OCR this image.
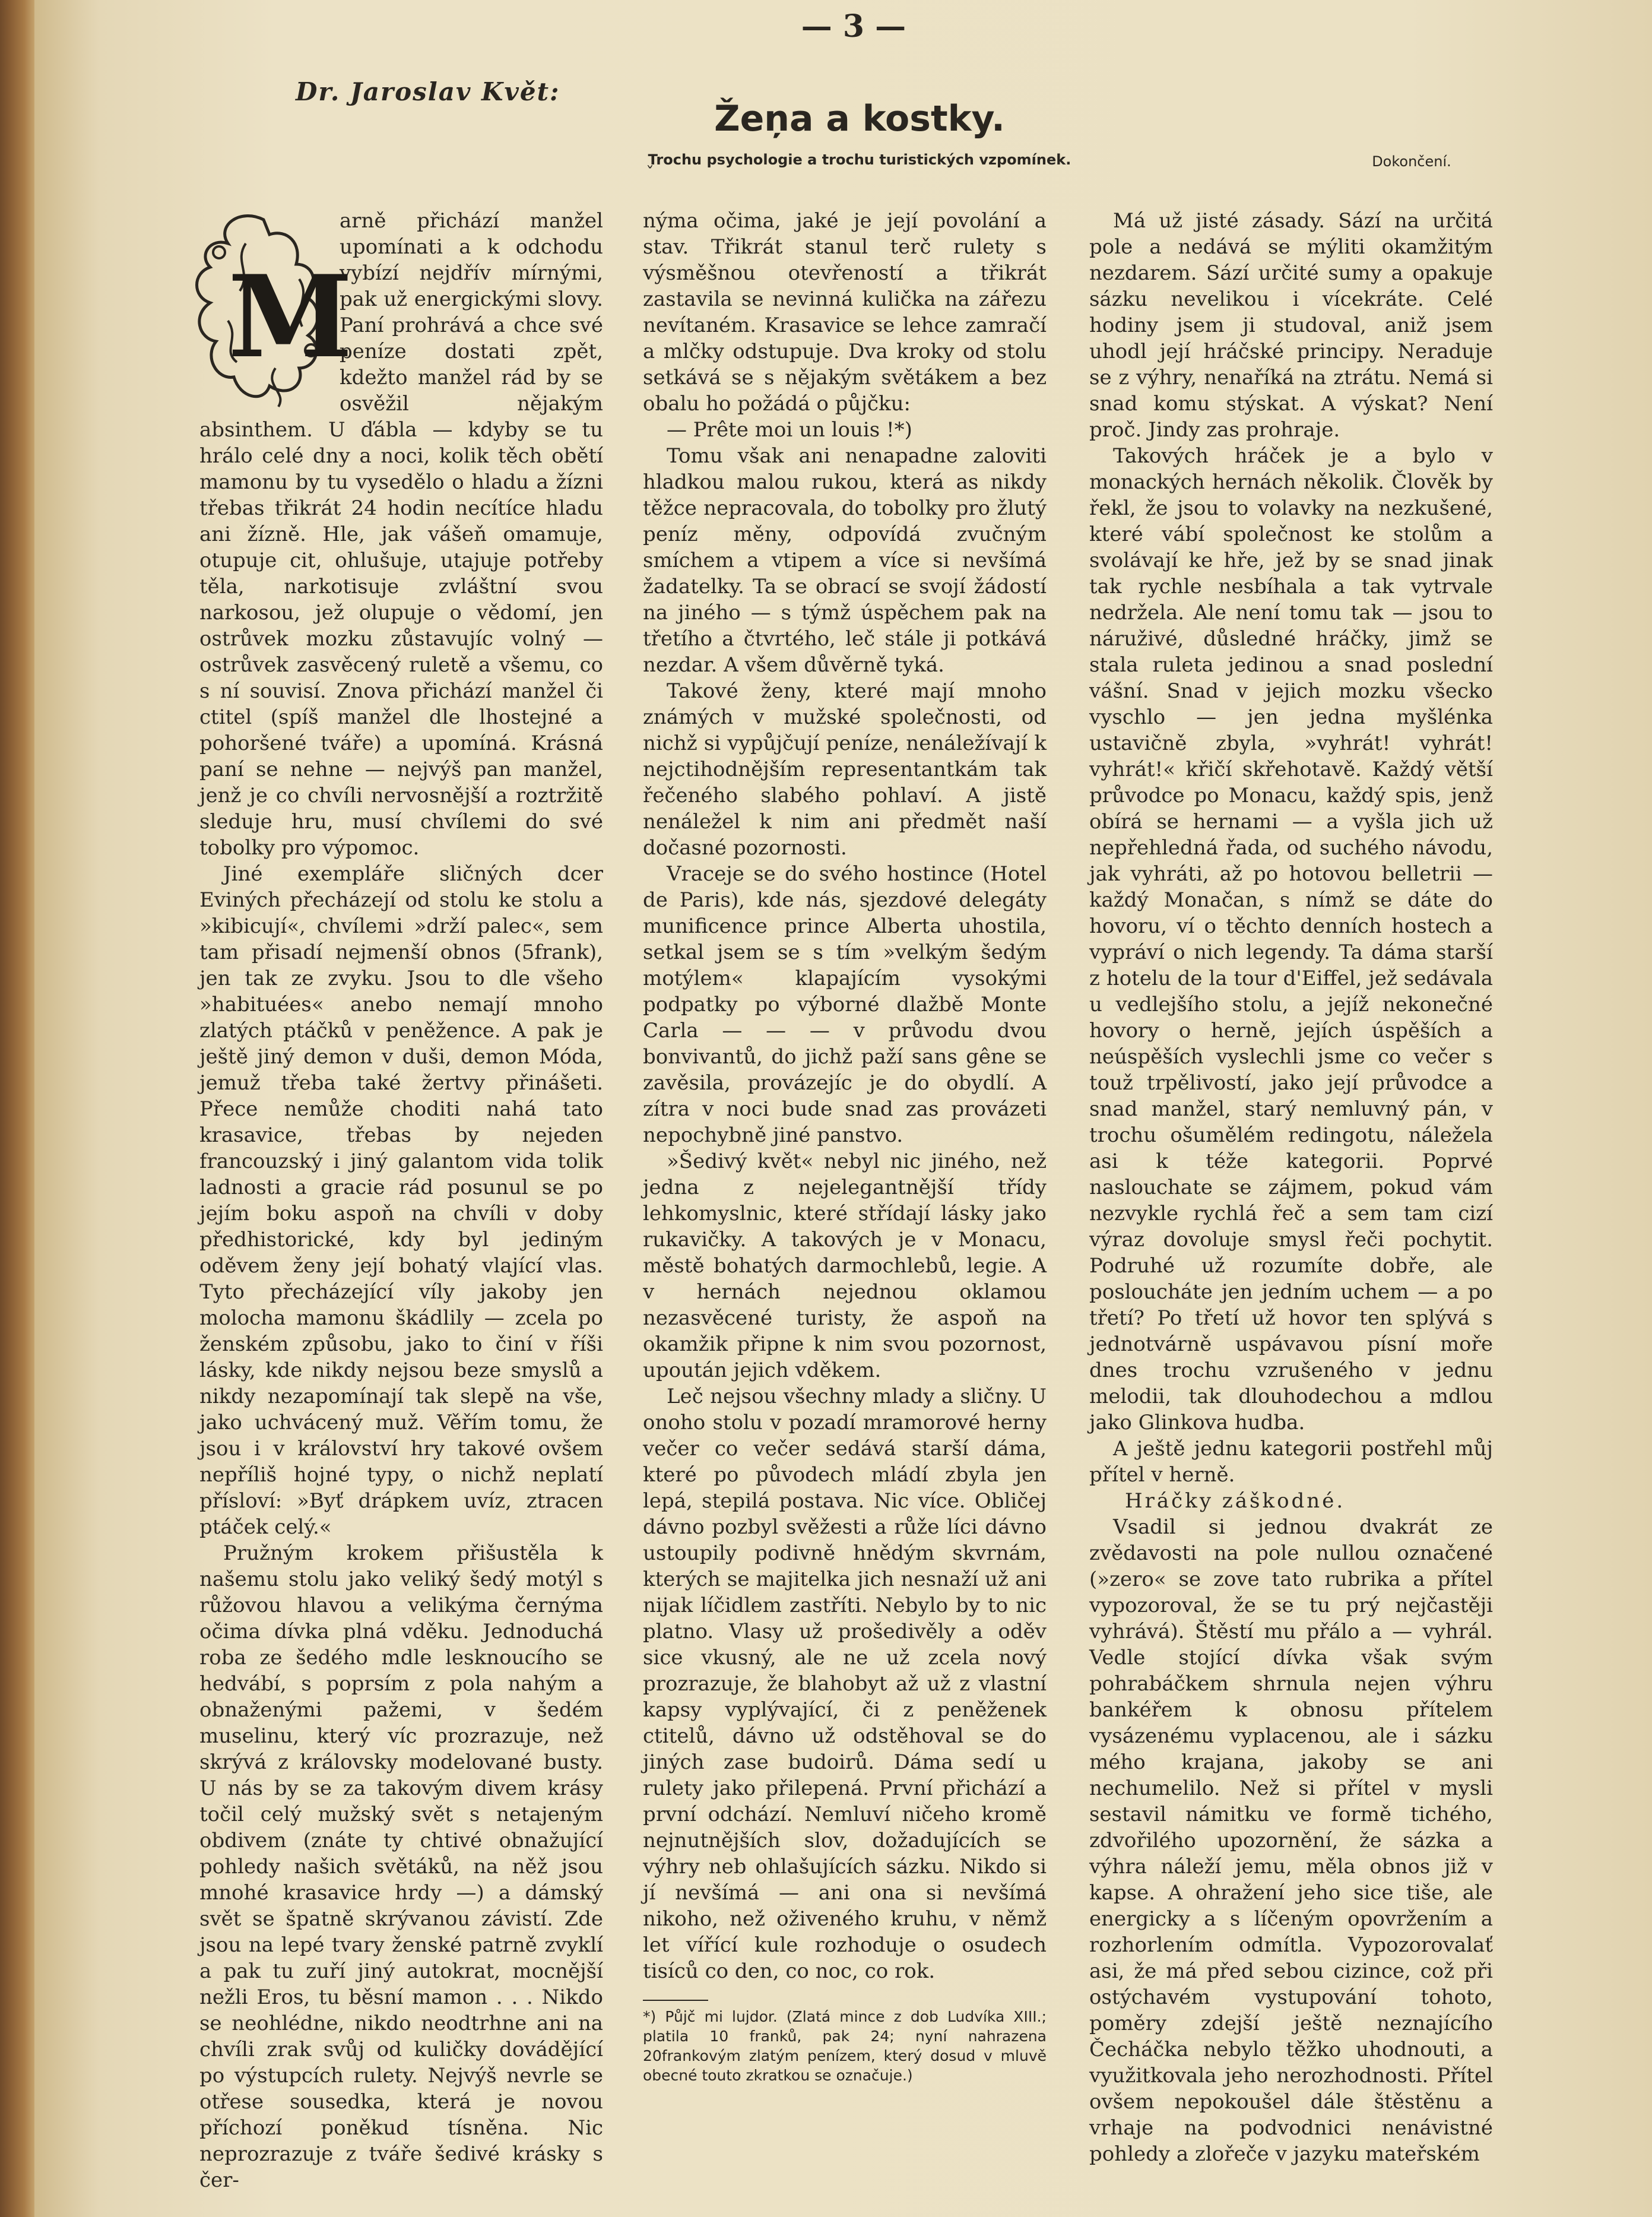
— 3 —
Dr. Jaroslav Květ:
Žeņa a kostky.
Trochu psychologie a trochu turistických vzpomínek.
ˇ
Dokončení.
M

arně přichází manžel upomínati a k odchodu vybízí nejdřív mírnými, pak už energickými slovy. Paní prohrává a chce své peníze dostati zpět, kdežto manžel rád by se osvěžil nějakým absinthem. U ďábla — kdyby se tu hrálo celé dny a noci, kolik těch obětí mamonu by tu vysedělo o hladu a žízni třebas třikrát 24 hodin necítíce hladu ani žízně. Hle, jak vášeň omamuje, otupuje cit, ohlušuje, utajuje potřeby těla, narkotisuje zvláštní svou narkosou, jež olupuje o vědomí, jen ostrůvek mozku zůstavujíc volný — ostrůvek zasvěcený ruletě a všemu, co s ní souvisí. Znova přichází manžel či ctitel (spíš manžel dle lhostejné a pohoršené tváře) a upomíná. Krásná paní se nehne — nejvýš pan manžel, jenž je co chvíli nervosnější a roztržitě sleduje hru, musí chvílemi do své tobolky pro výpomoc.

Jiné exempláře sličných dcer Eviných přecházejí od stolu ke stolu a »kibicují«, chvílemi »drží palec«, sem tam přisadí nejmenší obnos (5frank), jen tak ze zvyku. Jsou to dle všeho »habituées« anebo nemají mnoho zlatých ptáčků v peněžence. A pak je ještě jiný demon v duši, demon Móda, jemuž třeba také žertvy přinášeti. Přece nemůže choditi nahá tato krasavice, třebas by nejeden francouzský i jiný galantom vida tolik ladnosti a gracie rád posunul se po jejím boku aspoň na chvíli v doby předhistorické, kdy byl jediným oděvem ženy její bohatý vlající vlas. Tyto přecházející víly jakoby jen molocha mamonu škádlily — zcela po ženském způsobu, jako to činí v říši lásky, kde nikdy nejsou beze smyslů a nikdy nezapomínají tak slepě na vše, jako uchvácený muž. Věřím tomu, že jsou i v království hry takové ovšem nepříliš hojné typy, o nichž neplatí přísloví: »Byť drápkem uvíz, ztracen ptáček celý.«

Pružným krokem přišustěla k našemu stolu jako veliký šedý motýl s růžovou hlavou a velikýma černýma očima dívka plná vděku. Jednoduchá roba ze šedého mdle lesknoucího se hedvábí, s poprsím z pola nahým a obnaženými pažemi, v šedém muselinu, který víc prozrazuje, než skrývá z královsky modelované busty. U nás by se za takovým divem krásy točil celý mužský svět s netajeným obdivem (znáte ty chtivé obnažující pohledy našich světáků, na něž jsou mnohé krasavice hrdy —) a dámský svět se špatně skrývanou závistí. Zde jsou na lepé tvary ženské patrně zvyklí a pak tu zuří jiný autokrat, mocnější nežli Eros, tu běsní mamon . . . Nikdo se neohlédne, nikdo neodtrhne ani na chvíli zrak svůj od kuličky dovádějící po výstupcích rulety. Nejvýš nevrle se otřese sousedka, která je novou příchozí poněkud tísněna. Nic neprozrazuje z tváře šedivé krásky s čer-

nýma očima, jaké je její povolání a stav. Třikrát stanul terč rulety s výsměšnou otevřeností a třikrát zastavila se nevinná kulička na zářezu nevítaném. Krasavice se lehce zamračí a mlčky odstupuje. Dva kroky od stolu setkává se s nějakým světákem a bez obalu ho požádá o půjčku:

— Prête moi un louis !*)

Tomu však ani nenapadne zaloviti hladkou malou rukou, která as nikdy těžce nepracovala, do tobolky pro žlutý peníz měny, odpovídá zvučným smíchem a vtipem a více si nevšímá žadatelky. Ta se obrací se svojí žádostí na jiného — s týmž úspěchem pak na třetího a čtvrtého, leč stále ji potkává nezdar. A všem důvěrně tyká.

Takové ženy, které mají mnoho známých v mužské společnosti, od nichž si vypůjčují peníze, nenáležívají k nejctihodnějším representantkám tak řečeného slabého pohlaví. A jistě nenáležel k nim ani předmět naší dočasné pozornosti.

Vraceje se do svého hostince (Hotel de Paris), kde nás, sjezdové delegáty munificence prince Alberta uhostila, setkal jsem se s tím »velkým šedým motýlem« klapajícím vysokými podpatky po výborné dlažbě Monte Carla — — — v průvodu dvou bonvivantů, do jichž paží sans gêne se zavěsila, provázejíc je do obydlí. A zítra v noci bude snad zas provázeti nepochybně jiné panstvo.

»Šedivý květ« nebyl nic jiného, než jedna z nejelegantnější třídy lehkomyslnic, které střídají lásky jako rukavičky. A takových je v Monacu, městě bohatých darmochlebů, legie. A v hernách nejednou oklamou nezasvěcené turisty, že aspoň na okamžik připne k nim svou pozornost, upoután jejich vděkem.

Leč nejsou všechny mlady a sličny. U onoho stolu v pozadí mramorové herny večer co večer sedává starší dáma, které po původech mládí zbyla jen lepá, stepilá postava. Nic více. Obličej dávno pozbyl svěžesti a růže líci dávno ustoupily podivně hnědým skvrnám, kterých se majitelka jich nesnaží už ani nijak líčidlem zastříti. Nebylo by to nic platno. Vlasy už prošedivěly a oděv sice vkusný, ale ne už zcela nový prozrazuje, že blahobyt až už z vlastní kapsy vyplývající, či z peněženek ctitelů, dávno už odstěhoval se do jiných zase budoirů. Dáma sedí u rulety jako přilepená. První přichází a první odchází. Nemluví ničeho kromě nejnutnějších slov, dožadujících se výhry neb ohlašujících sázku. Nikdo si jí nevšímá — ani ona si nevšímá nikoho, než oživeného kruhu, v němž let vířící kule rozhoduje o osudech tisíců co den, co noc, co rok.

*) Půjč mi lujdor. (Zlatá mince z dob Ludvíka XIII.; platila 10 franků, pak 24; nyní nahrazena 20frankovým zlatým penízem, který dosud v mluvě obecné touto zkratkou se označuje.)

Má už jisté zásady. Sází na určitá pole a nedává se mýliti okamžitým nezdarem. Sází určité sumy a opakuje sázku nevelikou i vícekráte. Celé hodiny jsem ji studoval, aniž jsem uhodl její hráčské principy. Neraduje se z výhry, nenaříká na ztrátu. Nemá si snad komu stýskat. A výskat? Není proč. Jindy zas prohraje.

Takových hráček je a bylo v monackých hernách několik. Člověk by řekl, že jsou to volavky na nezkušené, které vábí společnost ke stolům a svolávají ke hře, jež by se snad jinak tak rychle nesbíhala a tak vytrvale nedržela. Ale není tomu tak — jsou to náruživé, důsledné hráčky, jimž se stala ruleta jedinou a snad poslední vášní. Snad v jejich mozku všecko vyschlo — jen jedna myšlénka ustavičně zbyla, »vyhrát! vyhrát! vyhrát!« křičí skřehotavě. Každý větší průvodce po Monacu, každý spis, jenž obírá se hernami — a vyšla jich už nepřehledná řada, od suchého návodu, jak vyhráti, až po hotovou belletrii — každý Monačan, s nímž se dáte do hovoru, ví o těchto denních hostech a vypráví o nich legendy. Ta dáma starší z hotelu de la tour d'Eiffel, jež sedávala u vedlejšího stolu, a jejíž nekonečné hovory o herně, jejích úspěších a neúspěších vyslechli jsme co večer s touž trpělivostí, jako její průvodce a snad manžel, starý nemluvný pán, v trochu ošumělém redingotu, náležela asi k téže kategorii. Poprvé naslouchate se zájmem, pokud vám nezvykle rychlá řeč a sem tam cizí výraz dovoluje smysl řeči pochytit. Podruhé už rozumíte dobře, ale posloucháte jen jedním uchem — a po třetí? Po třetí už hovor ten splývá s jednotvárně uspávavou písní moře dnes trochu vzrušeného v jednu melodii, tak dlouhodechou a mdlou jako Glinkova hudba.

A ještě jednu kategorii postřehl můj přítel v herně.

Hráčky záškodné.

Vsadil si jednou dvakrát ze zvědavosti na pole nullou označené (»zero« se zove tato rubrika a přítel vypozoroval, že se tu prý nejčastěji vyhrává). Štěstí mu přálo a — vyhrál. Vedle stojící dívka však svým pohrabáčkem shrnula nejen výhru bankéřem k obnosu přítelem vysázenému vyplacenou, ale i sázku mého krajana, jakoby se ani nechumelilo. Než si přítel v mysli sestavil námitku ve formě tichého, zdvořilého upozornění, že sázka a výhra náleží jemu, měla obnos již v kapse. A ohražení jeho sice tiše, ale energicky a s líčeným opovržením a rozhorlením odmítla. Vypozorovalať asi, že má před sebou cizince, což při ostýchavém vystupování tohoto, poměry zdejší ještě neznajícího Čecháčka nebylo těžko uhodnouti, a využitkovala jeho nerozhodnosti. Přítel ovšem nepokoušel dále štěstěnu a vrhaje na podvodnici nenávistné pohledy a zlořeče v jazyku mateřském
